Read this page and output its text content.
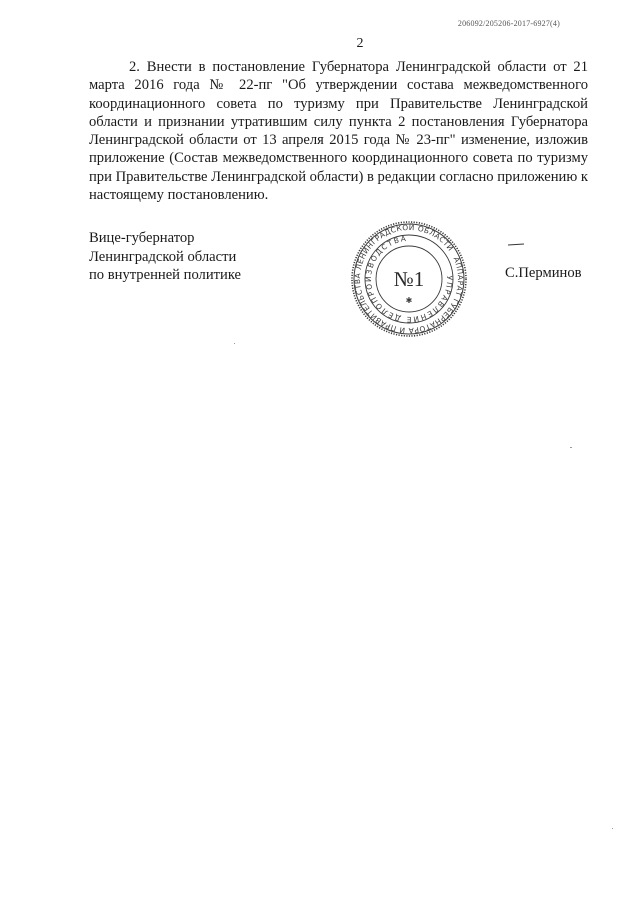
206092/205206-2017-6927(4)
2

2. Внести в постановление Губернатора Ленинградской области от 21 марта 2016 года № 22-пг "Об утверждении состава межведомственного координационного совета по туризму при Правительстве Ленинградской области и признании утратившим силу пункта 2 постановления Губернатора Ленинградской области от 13 апреля 2015 года № 23-пг" изменение, изложив приложение (Состав межведомственного координационного совета по туризму при Правительстве Ленинградской области) в редакции согласно приложению к настоящему постановлению.

Вице-губернатор
Ленинградской области
по внутренней политике
АППАРАТ ГУБЕРНАТОРА И ПРАВИТЕЛЬСТВА ЛЕНИНГРАДСКОЙ ОБЛАСТИ
УПРАВЛЕНИЕ ДЕЛОПРОИЗВОДСТВА
№1
✱
С.Перминов
